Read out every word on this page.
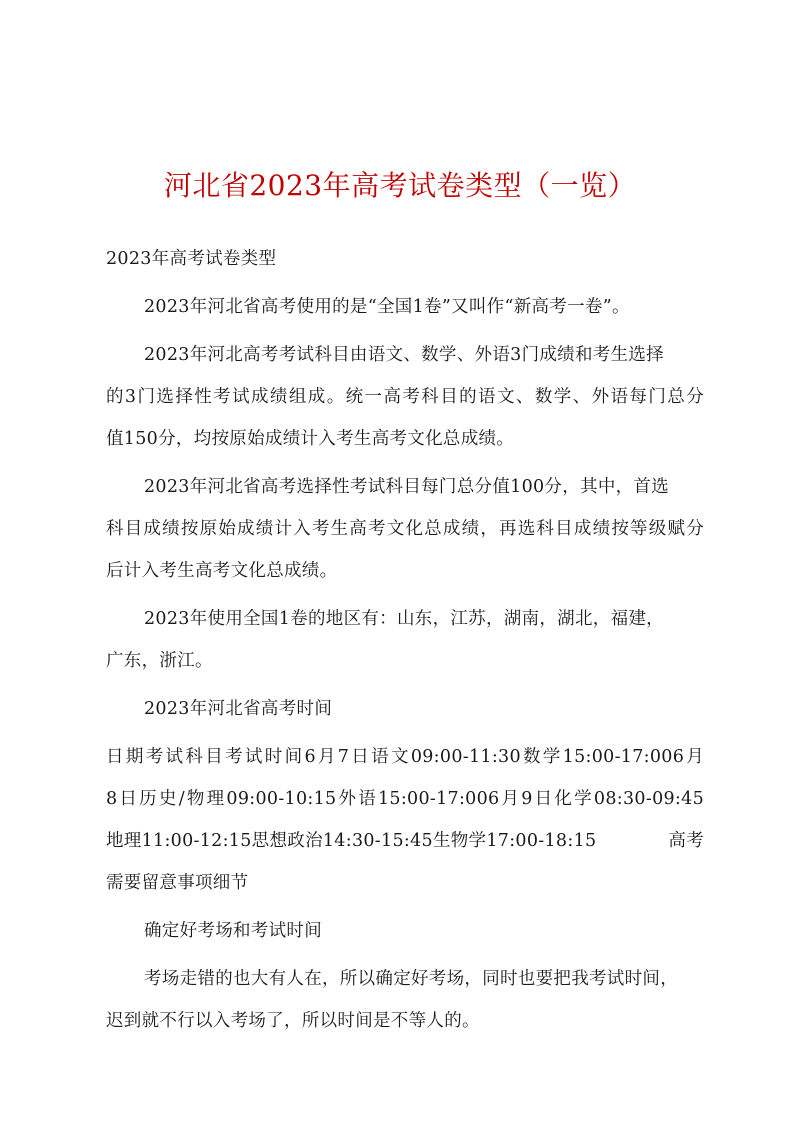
河北省2023年高考试卷类型（一览）
2023年高考试卷类型
2023年河北省高考使用的是“全国1卷”又叫作“新高考一卷”。
2023年河北高考考试科目由语文、数学、外语3门成绩和考生选择
的3门选择性考试成绩组成。统一高考科目的语文、数学、外语每门总分
值150分，均按原始成绩计入考生高考文化总成绩。
2023年河北省高考选择性考试科目每门总分值100分，其中，首选
科目成绩按原始成绩计入考生高考文化总成绩，再选科目成绩按等级赋分
后计入考生高考文化总成绩。
2023年使用全国1卷的地区有：山东，江苏，湖南，湖北，福建，
广东，浙江。
2023年河北省高考时间
日期考试科目考试时间6月7日语文09:00-11:30数学15:00-17:006月
8日历史/物理09:00-10:15外语15:00-17:006月9日化学08:30-09:45
地理11:00-12:15思想政治14:30-15:45生物学17:00-18:15	高考
需要留意事项细节
确定好考场和考试时间
考场走错的也大有人在，所以确定好考场，同时也要把我考试时间，
迟到就不行以入考场了，所以时间是不等人的。
